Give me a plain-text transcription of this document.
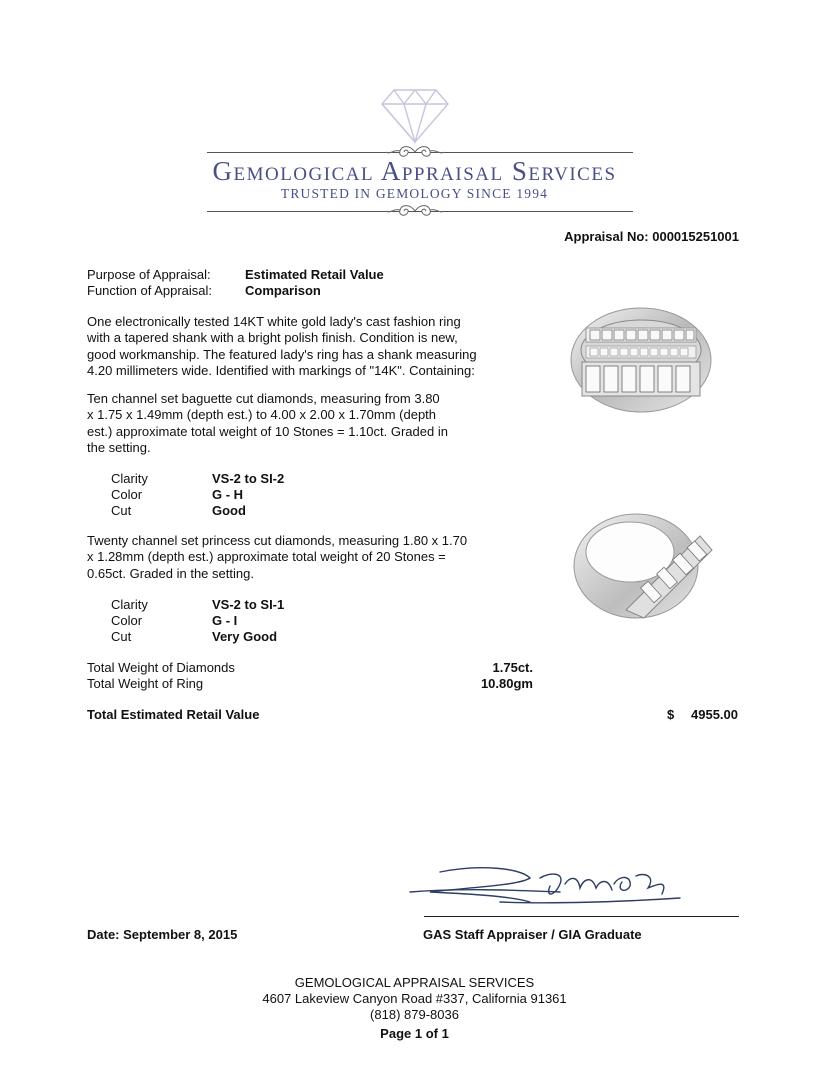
Gemological Appraisal Services
TRUSTED IN GEMOLOGY SINCE 1994
Appraisal No: 000015251001
Purpose of Appraisal:	Estimated Retail Value
Function of Appraisal:	Comparison
One electronically tested 14KT white gold lady's cast fashion ring
with a tapered shank with a bright polish finish. Condition is new,
good workmanship. The featured lady's ring has a shank measuring
4.20 millimeters wide. Identified with markings of "14K". Containing:
Ten channel set baguette cut diamonds, measuring from 3.80
x 1.75 x 1.49mm (depth est.) to 4.00 x 2.00 x 1.70mm (depth
est.) approximate total weight of 10 Stones = 1.10ct. Graded in
the setting.
Clarity	VS-2 to SI-2
Color	G - H
Cut	Good
Twenty channel set princess cut diamonds, measuring 1.80 x 1.70
x 1.28mm (depth est.) approximate total weight of 20 Stones =
0.65ct. Graded in the setting.
Clarity	VS-2 to SI-1
Color	G - I
Cut	Very Good
Total Weight of Diamonds	1.75ct.
Total Weight of Ring	10.80gm
Total Estimated Retail Value	$	4955.00
Date: September 8, 2015	GAS Staff Appraiser / GIA Graduate
GEMOLOGICAL APPRAISAL SERVICES
4607 Lakeview Canyon Road #337, California 91361
(818) 879-8036
Page 1 of 1
